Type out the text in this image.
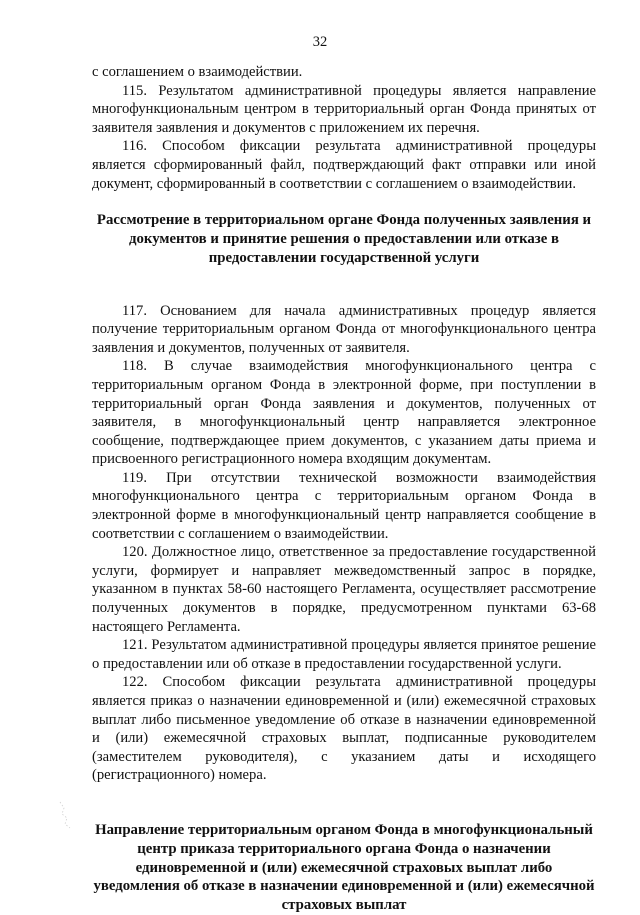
32

с соглашением о взаимодействии.

115. Результатом административной процедуры является направление многофункциональным центром в территориальный орган Фонда принятых от заявителя заявления и документов с приложением их перечня.

116. Способом фиксации результата административной процедуры является сформированный файл, подтверждающий факт отправки или иной документ, сформированный в соответствии с соглашением о взаимодействии.

Рассмотрение в территориальном органе Фонда полученных заявления и документов и принятие решения о предоставлении или отказе в предоставлении государственной услуги

117. Основанием для начала административных процедур является получение территориальным органом Фонда от многофункционального центра заявления и документов, полученных от заявителя.

118. В случае взаимодействия многофункционального центра с территориальным органом Фонда в электронной форме, при поступлении в территориальный орган Фонда заявления и документов, полученных от заявителя, в многофункциональный центр направляется электронное сообщение, подтверждающее прием документов, с указанием даты приема и присвоенного регистрационного номера входящим документам.

119. При отсутствии технической возможности взаимодействия многофункционального центра с территориальным органом Фонда в электронной форме в многофункциональный центр направляется сообщение в соответствии с соглашением о взаимодействии.

120. Должностное лицо, ответственное за предоставление государственной услуги, формирует и направляет межведомственный запрос в порядке, указанном в пунктах 58-60 настоящего Регламента, осуществляет рассмотрение полученных документов в порядке, предусмотренном пунктами 63-68 настоящего Регламента.

121. Результатом административной процедуры является принятое решение о предоставлении или об отказе в предоставлении государственной услуги.

122. Способом фиксации результата административной процедуры является приказ о назначении единовременной и (или) ежемесячной страховых выплат либо письменное уведомление об отказе в назначении единовременной и (или) ежемесячной страховых выплат, подписанные руководителем (заместителем руководителя), с указанием даты и исходящего (регистрационного) номера.

Направление территориальным органом Фонда в многофункциональный центр приказа территориального органа Фонда о назначении единовременной и (или) ежемесячной страховых выплат либо уведомления об отказе в назначении единовременной и (или) ежемесячной страховых выплат
